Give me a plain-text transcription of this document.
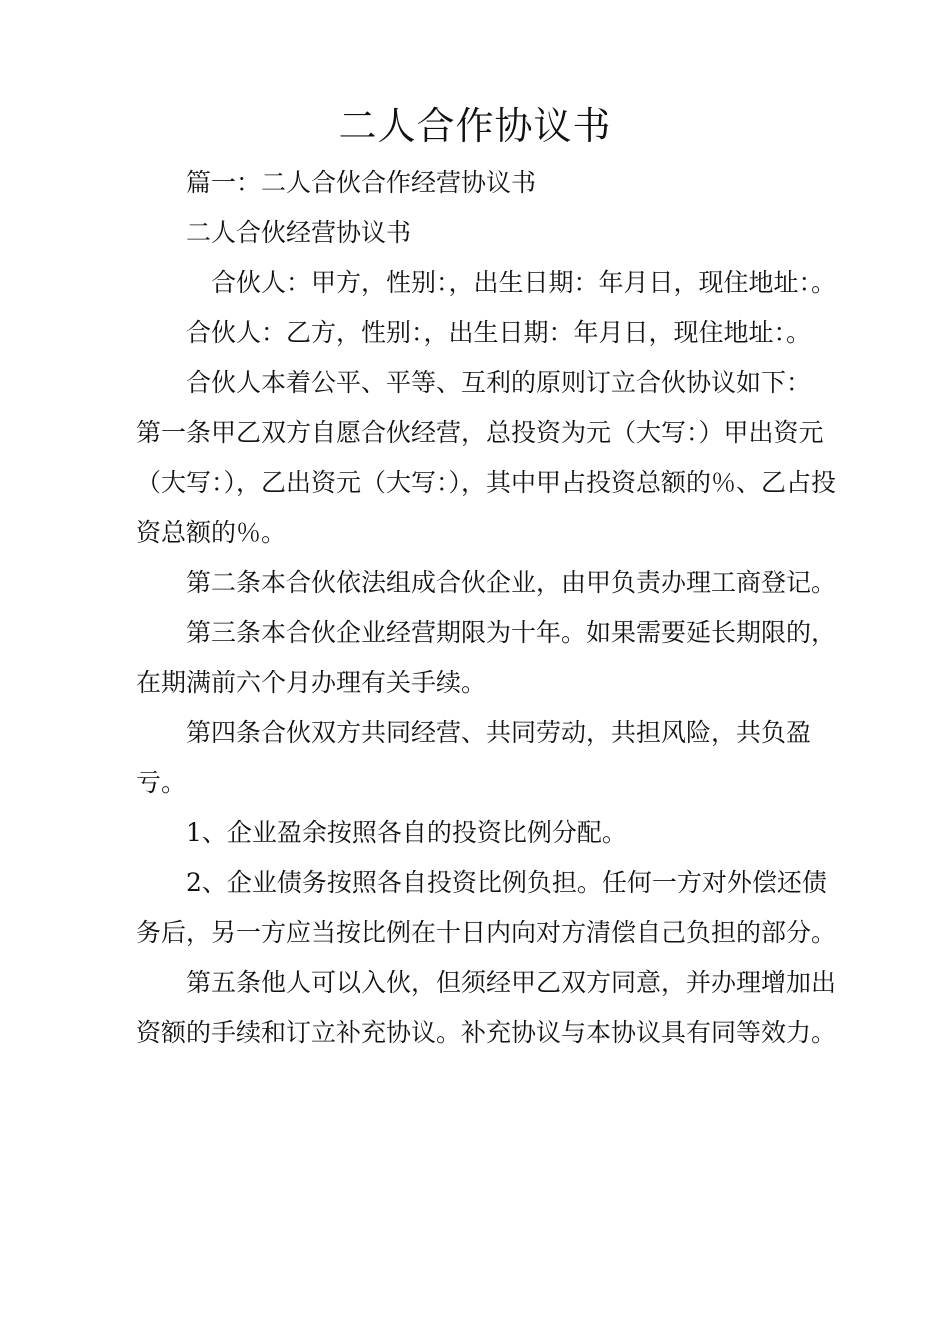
二人合作协议书

篇一：二人合伙合作经营协议书

二人合伙经营协议书

合伙人：甲方，性别：，出生日期：年月日，现住地址：。

合伙人：乙方，性别：，出生日期：年月日，现住地址：。

合伙人本着公平、平等、互利的原则订立合伙协议如下：

第一条甲乙双方自愿合伙经营，总投资为元（大写：）甲出资元（大写：），乙出资元（大写：），其中甲占投资总额的％、乙占投资总额的％。

第二条本合伙依法组成合伙企业，由甲负责办理工商登记。

第三条本合伙企业经营期限为十年。如果需要延长期限的，在期满前六个月办理有关手续。

第四条合伙双方共同经营、共同劳动，共担风险，共负盈亏。

1、企业盈余按照各自的投资比例分配。

2、企业债务按照各自投资比例负担。任何一方对外偿还债务后，另一方应当按比例在十日内向对方清偿自己负担的部分。

第五条他人可以入伙，但须经甲乙双方同意，并办理增加出资额的手续和订立补充协议。补充协议与本协议具有同等效力。
